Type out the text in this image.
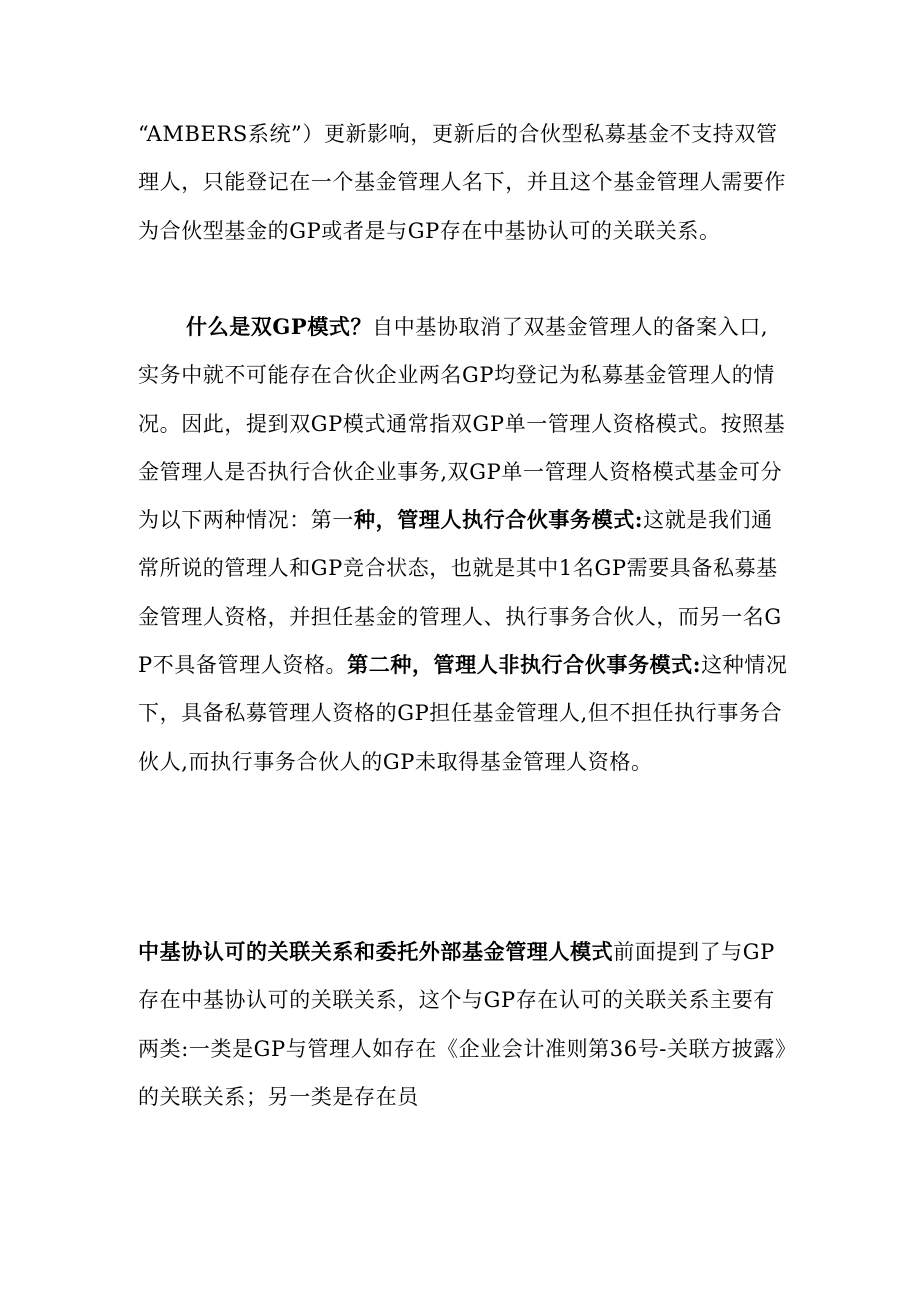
“AMBERS系统”）更新影响，更新后的合伙型私募基金不支持双管理人，只能登记在一个基金管理人名下，并且这个基金管理人需要作为合伙型基金的GP或者是与GP存在中基协认可的关联关系。

什么是双GP模式？自中基协取消了双基金管理人的备案入口,实务中就不可能存在合伙企业两名GP均登记为私募基金管理人的情况。因此，提到双GP模式通常指双GP单一管理人资格模式。按照基金管理人是否执行合伙企业事务,双GP单一管理人资格模式基金可分为以下两种情况：第一种，管理人执行合伙事务模式:这就是我们通常所说的管理人和GP竞合状态，也就是其中1名GP需要具备私募基金管理人资格，并担任基金的管理人、执行事务合伙人，而另一名GP不具备管理人资格。第二种，管理人非执行合伙事务模式:这种情况下，具备私募管理人资格的GP担任基金管理人,但不担任执行事务合伙人,而执行事务合伙人的GP未取得基金管理人资格。

中基协认可的关联关系和委托外部基金管理人模式前面提到了与GP存在中基协认可的关联关系，这个与GP存在认可的关联关系主要有两类:一类是GP与管理人如存在《企业会计准则第36号-关联方披露》的关联关系；另一类是存在员
